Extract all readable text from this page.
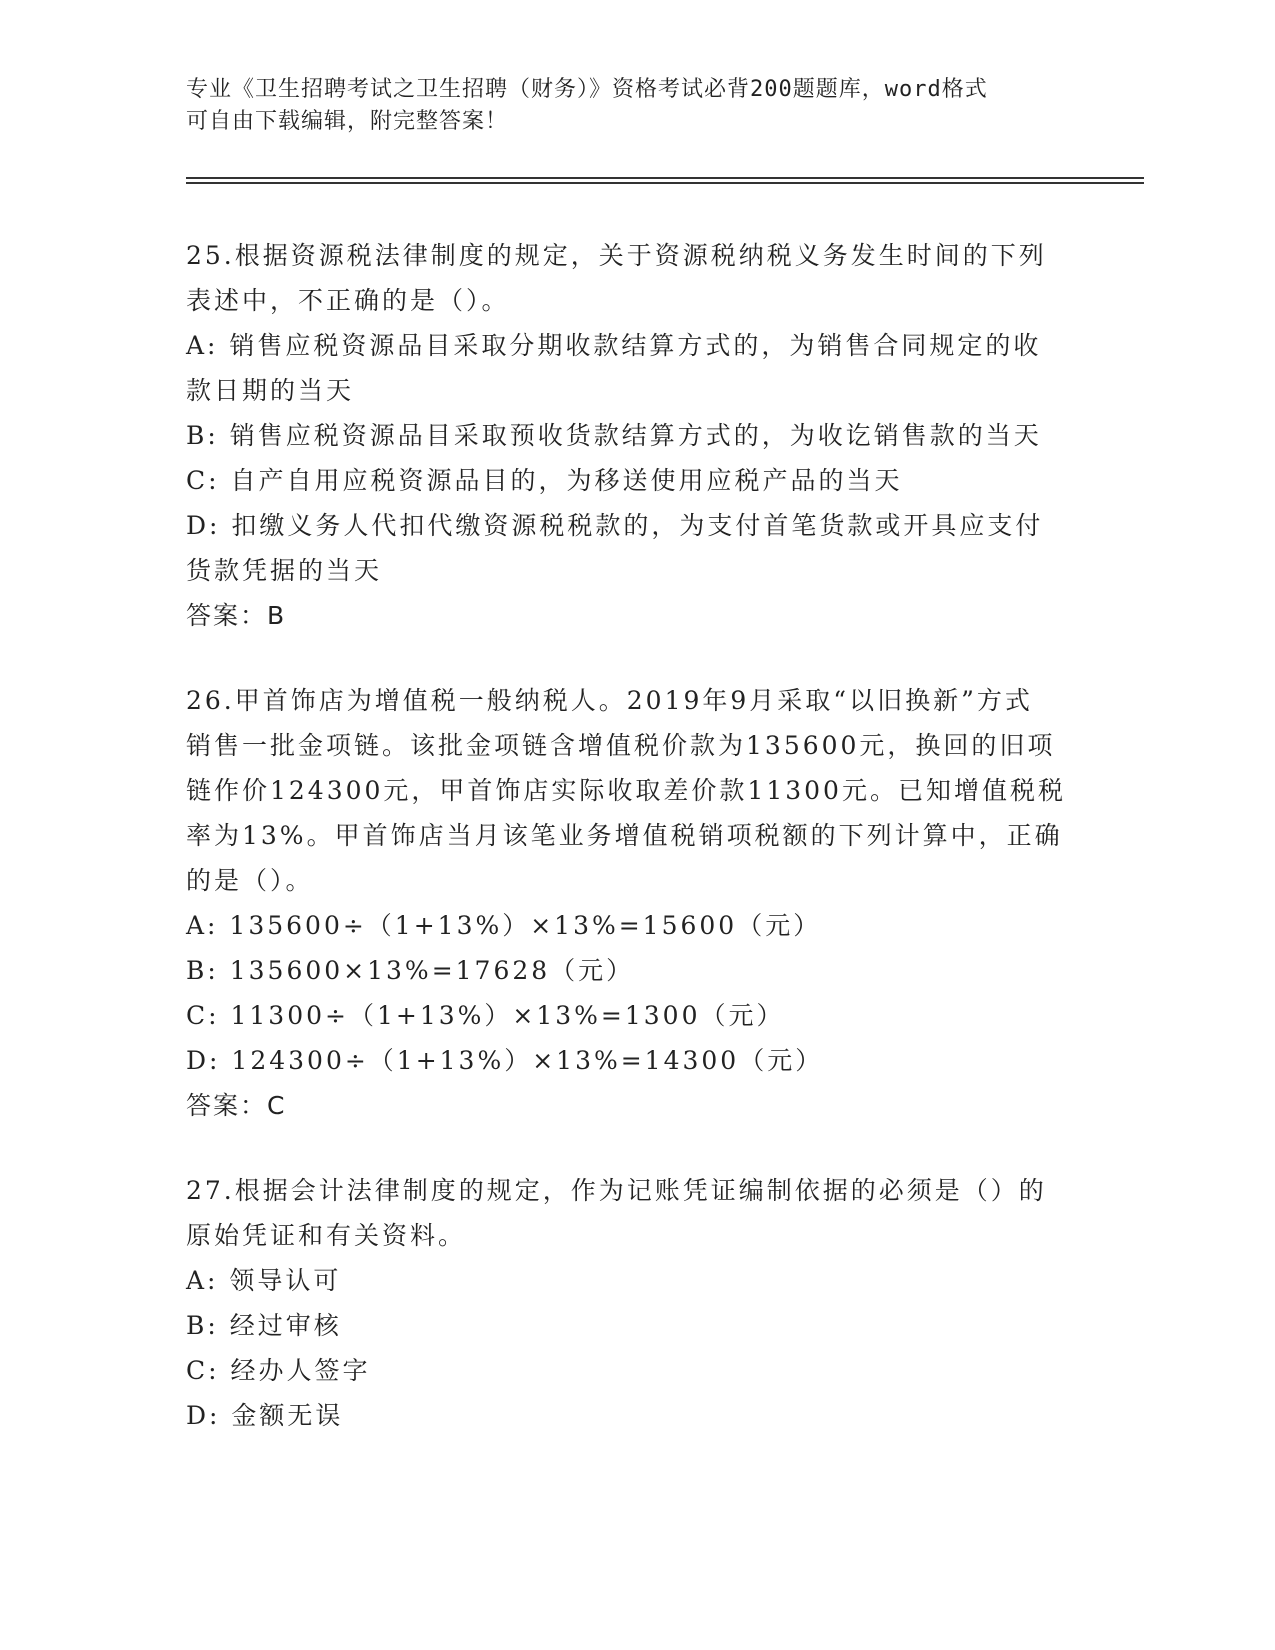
专业《卫生招聘考试之卫生招聘（财务）》资格考试必背200题题库，word格式
可自由下载编辑，附完整答案！
25.根据资源税法律制度的规定，关于资源税纳税义务发生时间的下列
表述中，不正确的是（）。
A: 销售应税资源品目采取分期收款结算方式的，为销售合同规定的收
款日期的当天
B: 销售应税资源品目采取预收货款结算方式的，为收讫销售款的当天
C: 自产自用应税资源品目的，为移送使用应税产品的当天
D: 扣缴义务人代扣代缴资源税税款的，为支付首笔货款或开具应支付
货款凭据的当天
答案：B
26.甲首饰店为增值税一般纳税人。2019年9月采取“以旧换新”方式
销售一批金项链。该批金项链含增值税价款为135600元，换回的旧项
链作价124300元，甲首饰店实际收取差价款11300元。已知增值税税
率为13%。甲首饰店当月该笔业务增值税销项税额的下列计算中，正确
的是（）。
A: 135600÷（1+13%）×13%=15600（元）
B: 135600×13%=17628（元）
C: 11300÷（1+13%）×13%=1300（元）
D: 124300÷（1+13%）×13%=14300（元）
答案：C
27.根据会计法律制度的规定，作为记账凭证编制依据的必须是（）的
原始凭证和有关资料。
A: 领导认可
B: 经过审核
C: 经办人签字
D: 金额无误
